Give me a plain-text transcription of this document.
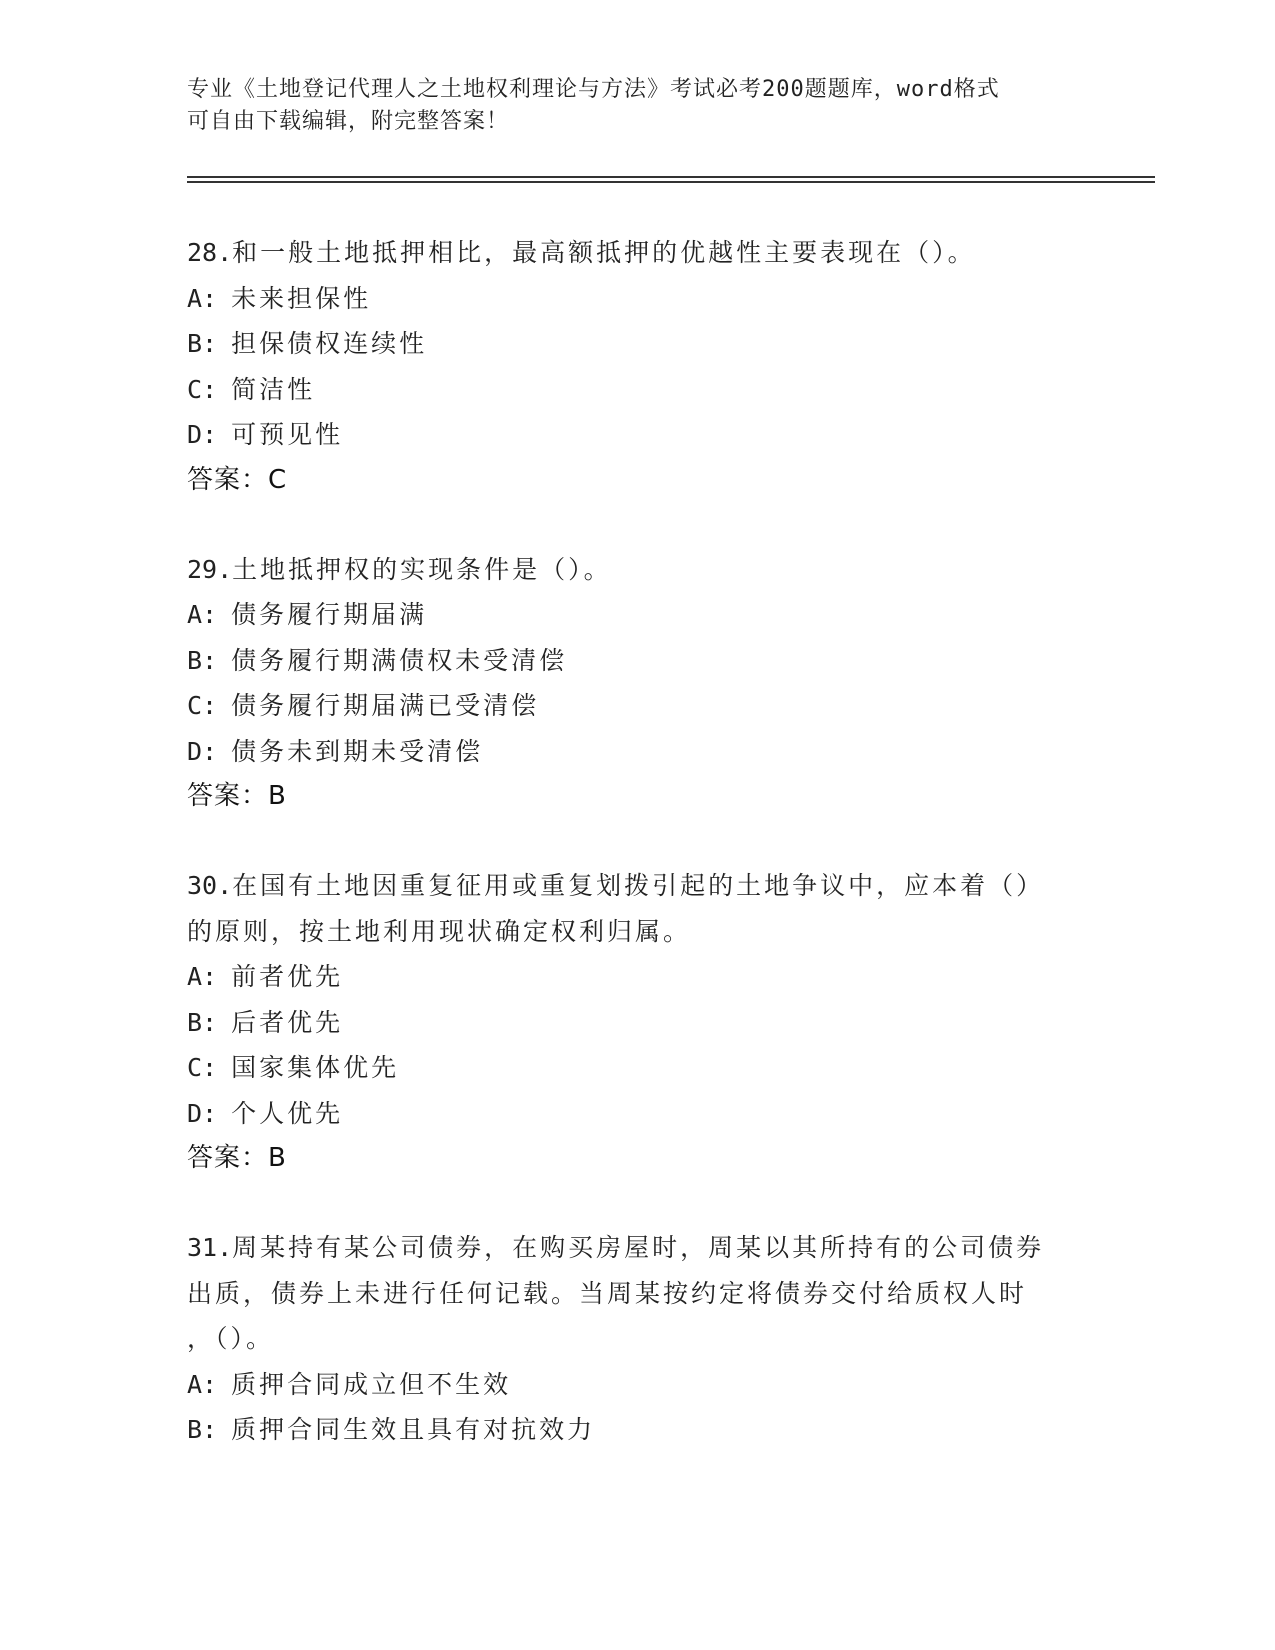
专业《土地登记代理人之土地权利理论与方法》考试必考200题题库，word格式

可自由下载编辑，附完整答案！

28.和一般土地抵押相比，最高额抵押的优越性主要表现在（）。

A: 未来担保性

B: 担保债权连续性

C: 简洁性

D: 可预见性

答案：C

29.土地抵押权的实现条件是（）。

A: 债务履行期届满

B: 债务履行期满债权未受清偿

C: 债务履行期届满已受清偿

D: 债务未到期未受清偿

答案：B

30.在国有土地因重复征用或重复划拨引起的土地争议中，应本着（）

的原则，按土地利用现状确定权利归属。

A: 前者优先

B: 后者优先

C: 国家集体优先

D: 个人优先

答案：B

31.周某持有某公司债券，在购买房屋时，周某以其所持有的公司债券

出质，债券上未进行任何记载。当周某按约定将债券交付给质权人时

，（）。

A: 质押合同成立但不生效

B: 质押合同生效且具有对抗效力
